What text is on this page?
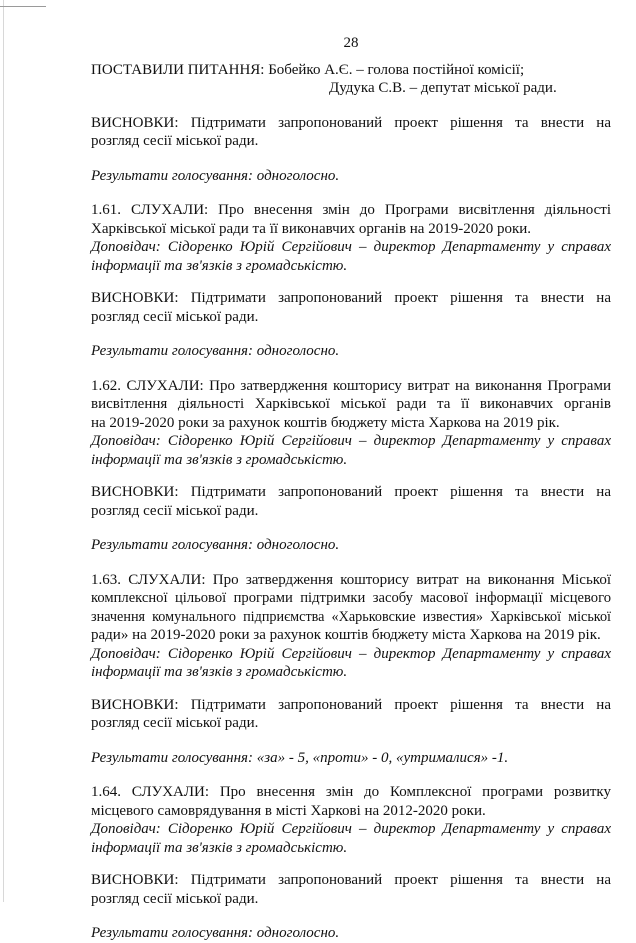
28

ПОСТАВИЛИ ПИТАННЯ: Бобейко А.Є. – голова постійної комісії;

Дудука С.В. – депутат міської ради.

ВИСНОВКИ: Підтримати запропонований проект рішення та внести на

розгляд сесії міської ради.

Результати голосування: одноголосно.

1.61. СЛУХАЛИ: Про внесення змін до Програми висвітлення діяльності

Харківської міської ради та її виконавчих органів на 2019-2020 роки.

Доповідач: Сідоренко Юрій Сергійович – директор Департаменту у справах

інформації та зв'язків з громадськістю.

ВИСНОВКИ: Підтримати запропонований проект рішення та внести на

розгляд сесії міської ради.

Результати голосування: одноголосно.

1.62. СЛУХАЛИ: Про затвердження кошторису витрат на виконання Програми

висвітлення діяльності Харківської міської ради та її виконавчих органів

на 2019-2020 роки за рахунок коштів бюджету міста Харкова на 2019 рік.

Доповідач: Сідоренко Юрій Сергійович – директор Департаменту у справах

інформації та зв'язків з громадськістю.

ВИСНОВКИ: Підтримати запропонований проект рішення та внести на

розгляд сесії міської ради.

Результати голосування: одноголосно.

1.63. СЛУХАЛИ: Про затвердження кошторису витрат на виконання Міської

комплексної цільової програми підтримки засобу масової інформації місцевого

значення комунального підприємства «Харьковские известия» Харківської міської

ради» на 2019-2020 роки за рахунок коштів бюджету міста Харкова на 2019 рік.

Доповідач: Сідоренко Юрій Сергійович – директор Департаменту у справах

інформації та зв'язків з громадськістю.

ВИСНОВКИ: Підтримати запропонований проект рішення та внести на

розгляд сесії міської ради.

Результати голосування: «за» - 5, «проти» - 0, «утрималися» -1.

1.64. СЛУХАЛИ: Про внесення змін до Комплексної програми розвитку

місцевого самоврядування в місті Харкові на 2012-2020 роки.

Доповідач: Сідоренко Юрій Сергійович – директор Департаменту у справах

інформації та зв'язків з громадськістю.

ВИСНОВКИ: Підтримати запропонований проект рішення та внести на

розгляд сесії міської ради.

Результати голосування: одноголосно.
